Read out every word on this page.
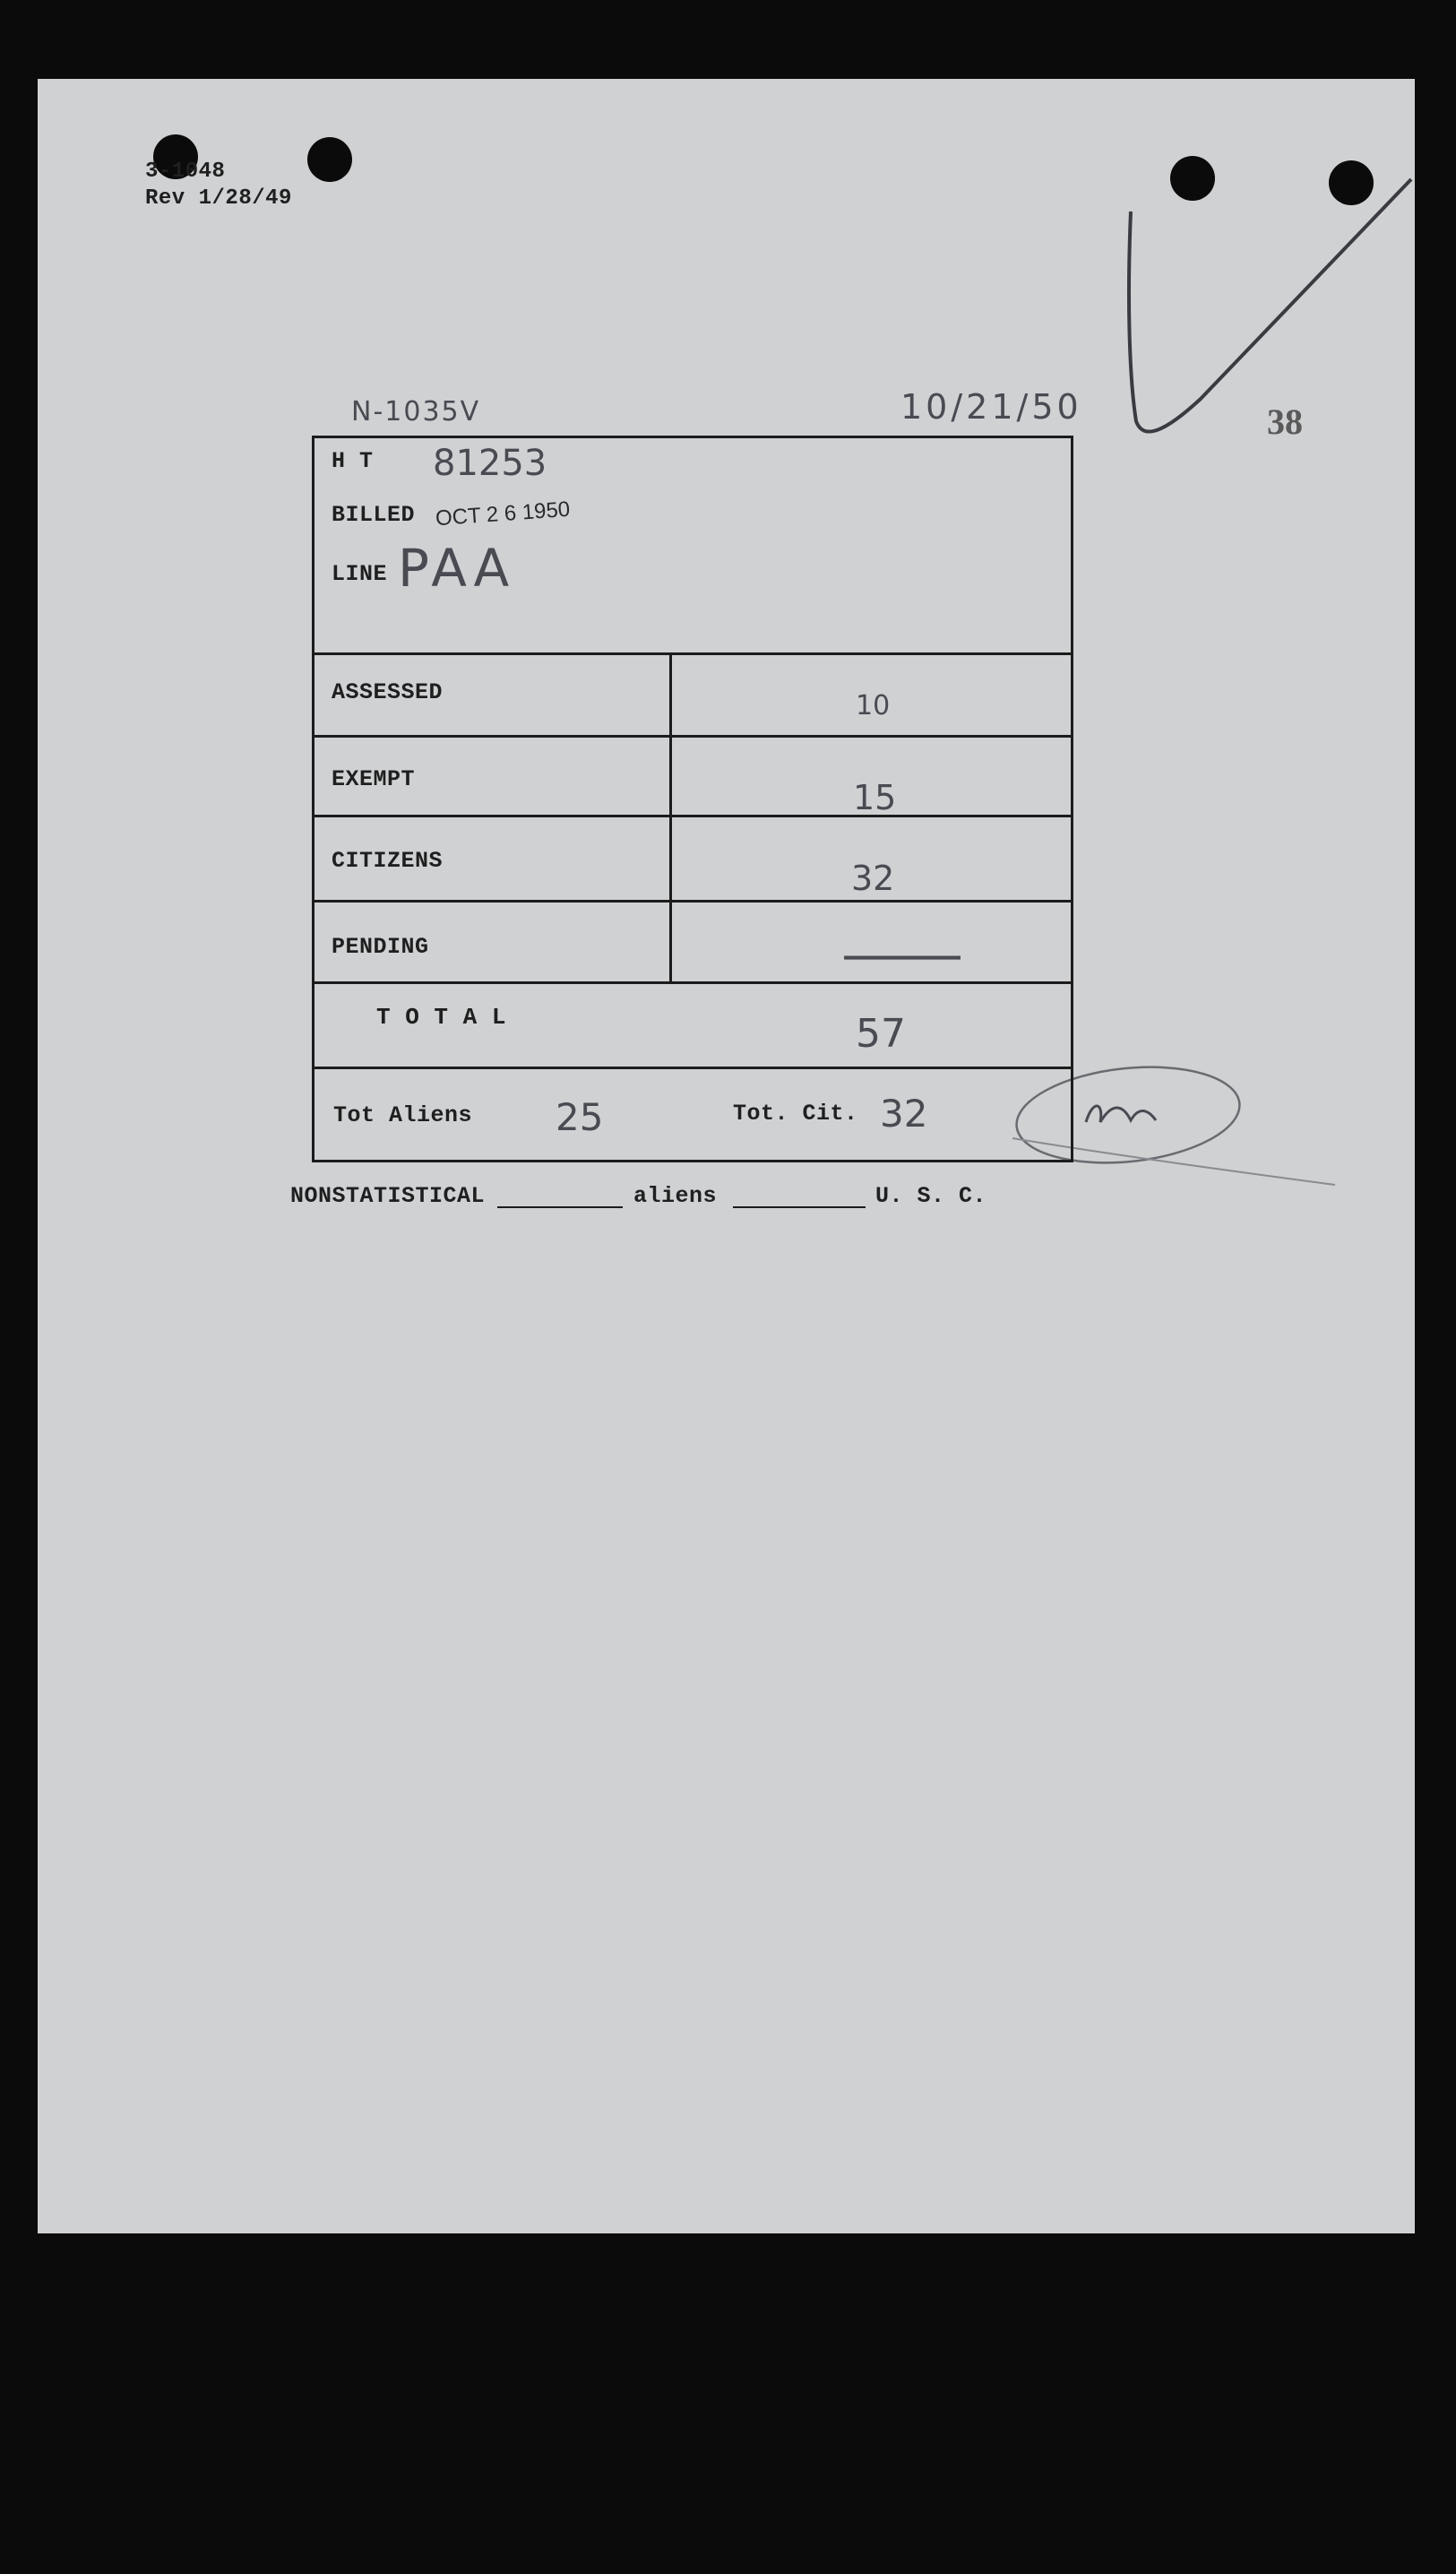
3-1048
Rev 1/28/49
N-1035V	10/21/50	38
H T 81253
BILLED OCT 2 6 1950
LINE PAA
ASSESSED	10
EXEMPT	15
CITIZENS	32
PENDING	—
T O T A L	57
Tot Aliens 25	Tot. Cit. 32
NONSTATISTICAL	aliens	U. S. C.
